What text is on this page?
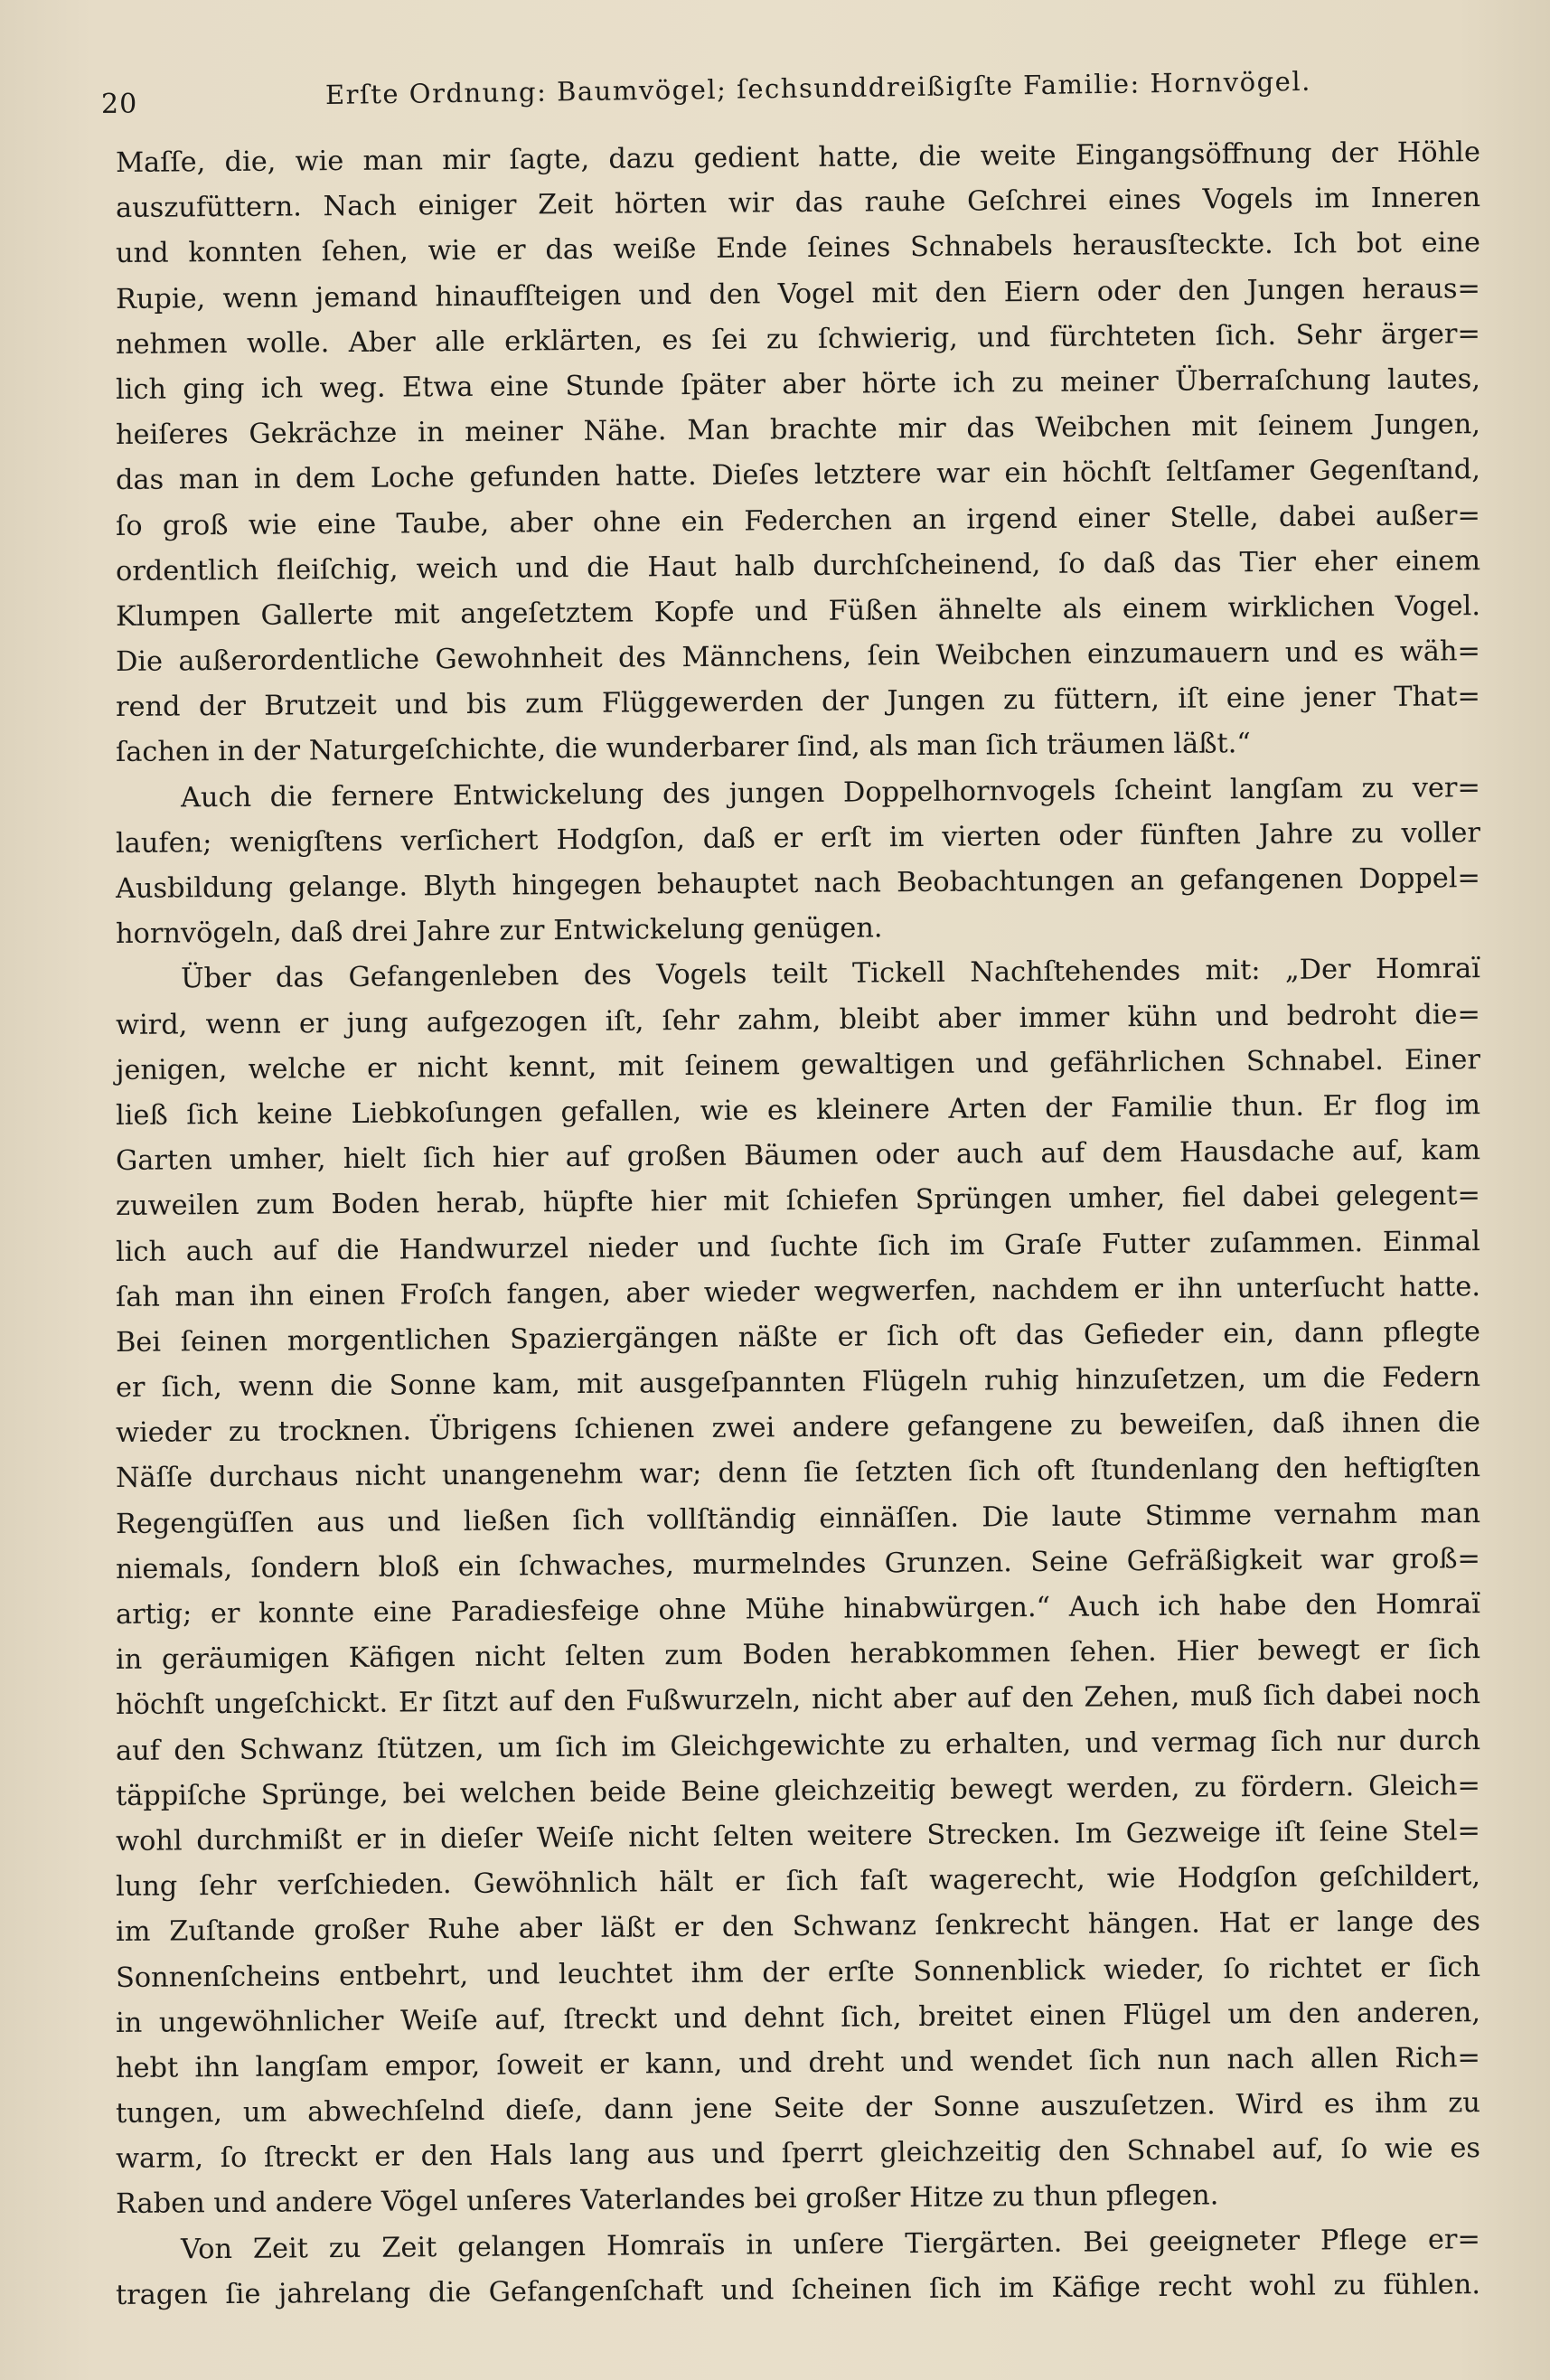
20	Erſte Ordnung: Baumvögel; ſechsunddreißigſte Familie: Hornvögel.
Maſſe, die, wie man mir ſagte, dazu gedient hatte, die weite Eingangsöffnung der Höhle
auszufüttern. Nach einiger Zeit hörten wir das rauhe Geſchrei eines Vogels im Inneren
und konnten ſehen, wie er das weiße Ende ſeines Schnabels herausſteckte. Ich bot eine
Rupie, wenn jemand hinaufſteigen und den Vogel mit den Eiern oder den Jungen heraus=
nehmen wolle. Aber alle erklärten, es ſei zu ſchwierig, und fürchteten ſich. Sehr ärger=
lich ging ich weg. Etwa eine Stunde ſpäter aber hörte ich zu meiner Überraſchung lautes,
heiſeres Gekrächze in meiner Nähe. Man brachte mir das Weibchen mit ſeinem Jungen,
das man in dem Loche gefunden hatte. Dieſes letztere war ein höchſt ſeltſamer Gegenſtand,
ſo groß wie eine Taube, aber ohne ein Federchen an irgend einer Stelle, dabei außer=
ordentlich fleiſchig, weich und die Haut halb durchſcheinend, ſo daß das Tier eher einem
Klumpen Gallerte mit angeſetztem Kopfe und Füßen ähnelte als einem wirklichen Vogel.
Die außerordentliche Gewohnheit des Männchens, ſein Weibchen einzumauern und es wäh=
rend der Brutzeit und bis zum Flüggewerden der Jungen zu füttern, iſt eine jener That=
ſachen in der Naturgeſchichte, die wunderbarer ſind, als man ſich träumen läßt.“
Auch die fernere Entwickelung des jungen Doppelhornvogels ſcheint langſam zu ver=
laufen; wenigſtens verſichert Hodgſon, daß er erſt im vierten oder fünften Jahre zu voller
Ausbildung gelange. Blyth hingegen behauptet nach Beobachtungen an gefangenen Doppel=
hornvögeln, daß drei Jahre zur Entwickelung genügen.
Über das Gefangenleben des Vogels teilt Tickell Nachſtehendes mit: „Der Homraï
wird, wenn er jung aufgezogen iſt, ſehr zahm, bleibt aber immer kühn und bedroht die=
jenigen, welche er nicht kennt, mit ſeinem gewaltigen und gefährlichen Schnabel. Einer
ließ ſich keine Liebkoſungen gefallen, wie es kleinere Arten der Familie thun. Er flog im
Garten umher, hielt ſich hier auf großen Bäumen oder auch auf dem Hausdache auf, kam
zuweilen zum Boden herab, hüpfte hier mit ſchiefen Sprüngen umher, fiel dabei gelegent=
lich auch auf die Handwurzel nieder und ſuchte ſich im Graſe Futter zuſammen. Einmal
ſah man ihn einen Froſch fangen, aber wieder wegwerfen, nachdem er ihn unterſucht hatte.
Bei ſeinen morgentlichen Spaziergängen näßte er ſich oft das Gefieder ein, dann pflegte
er ſich, wenn die Sonne kam, mit ausgeſpannten Flügeln ruhig hinzuſetzen, um die Federn
wieder zu trocknen. Übrigens ſchienen zwei andere gefangene zu beweiſen, daß ihnen die
Näſſe durchaus nicht unangenehm war; denn ſie ſetzten ſich oft ſtundenlang den heftigſten
Regengüſſen aus und ließen ſich vollſtändig einnäſſen. Die laute Stimme vernahm man
niemals, ſondern bloß ein ſchwaches, murmelndes Grunzen. Seine Gefräßigkeit war groß=
artig; er konnte eine Paradiesfeige ohne Mühe hinabwürgen.“ Auch ich habe den Homraï
in geräumigen Käfigen nicht ſelten zum Boden herabkommen ſehen. Hier bewegt er ſich
höchſt ungeſchickt. Er ſitzt auf den Fußwurzeln, nicht aber auf den Zehen, muß ſich dabei noch
auf den Schwanz ſtützen, um ſich im Gleichgewichte zu erhalten, und vermag ſich nur durch
täppiſche Sprünge, bei welchen beide Beine gleichzeitig bewegt werden, zu fördern. Gleich=
wohl durchmißt er in dieſer Weiſe nicht ſelten weitere Strecken. Im Gezweige iſt ſeine Stel=
lung ſehr verſchieden. Gewöhnlich hält er ſich faſt wagerecht, wie Hodgſon geſchildert,
im Zuſtande großer Ruhe aber läßt er den Schwanz ſenkrecht hängen. Hat er lange des
Sonnenſcheins entbehrt, und leuchtet ihm der erſte Sonnenblick wieder, ſo richtet er ſich
in ungewöhnlicher Weiſe auf, ſtreckt und dehnt ſich, breitet einen Flügel um den anderen,
hebt ihn langſam empor, ſoweit er kann, und dreht und wendet ſich nun nach allen Rich=
tungen, um abwechſelnd dieſe, dann jene Seite der Sonne auszuſetzen. Wird es ihm zu
warm, ſo ſtreckt er den Hals lang aus und ſperrt gleichzeitig den Schnabel auf, ſo wie es
Raben und andere Vögel unſeres Vaterlandes bei großer Hitze zu thun pflegen.
Von Zeit zu Zeit gelangen Homraïs in unſere Tiergärten. Bei geeigneter Pflege er=
tragen ſie jahrelang die Gefangenſchaft und ſcheinen ſich im Käfige recht wohl zu fühlen.
